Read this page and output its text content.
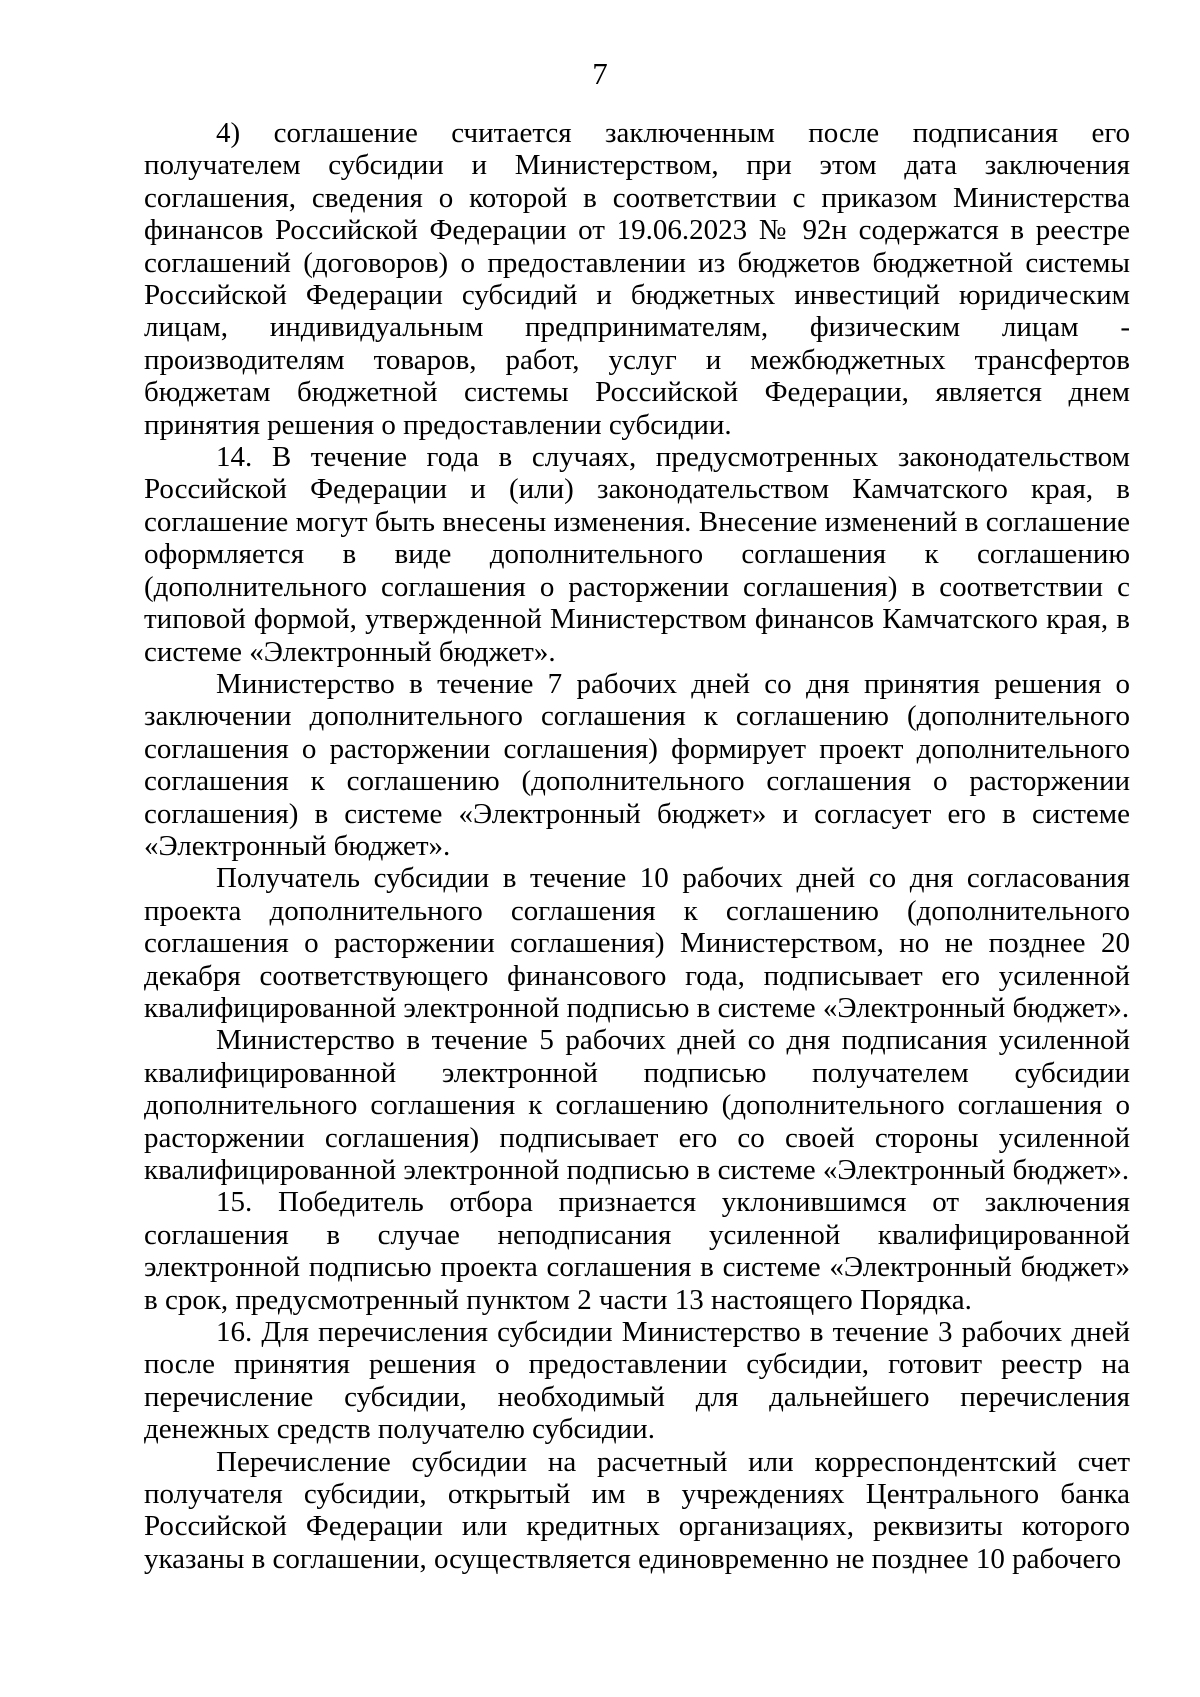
7

4) соглашение считается заключенным после подписания его получателем субсидии и Министерством, при этом дата заключения соглашения, сведения о которой в соответствии с приказом Министерства финансов Российской Федерации от 19.06.2023 № 92н содержатся в реестре соглашений (договоров) о предоставлении из бюджетов бюджетной системы Российской Федерации субсидий и бюджетных инвестиций юридическим лицам, индивидуальным предпринимателям, физическим лицам - производителям товаров, работ, услуг и межбюджетных трансфертов бюджетам бюджетной системы Российской Федерации, является днем принятия решения о предоставлении субсидии.

14. В течение года в случаях, предусмотренных законодательством Российской Федерации и (или) законодательством Камчатского края, в соглашение могут быть внесены изменения. Внесение изменений в соглашение оформляется в виде дополнительного соглашения к соглашению (дополнительного соглашения о расторжении соглашения) в соответствии с типовой формой, утвержденной Министерством финансов Камчатского края, в системе «Электронный бюджет».

Министерство в течение 7 рабочих дней со дня принятия решения о заключении дополнительного соглашения к соглашению (дополнительного соглашения о расторжении соглашения) формирует проект дополнительного соглашения к соглашению (дополнительного соглашения о расторжении соглашения) в системе «Электронный бюджет» и согласует его в системе «Электронный бюджет».

Получатель субсидии в течение 10 рабочих дней со дня согласования проекта дополнительного соглашения к соглашению (дополнительного соглашения о расторжении соглашения) Министерством, но не позднее 20 декабря соответствующего финансового года, подписывает его усиленной квалифицированной электронной подписью в системе «Электронный бюджет».

Министерство в течение 5 рабочих дней со дня подписания усиленной квалифицированной электронной подписью получателем субсидии дополнительного соглашения к соглашению (дополнительного соглашения о расторжении соглашения) подписывает его со своей стороны усиленной квалифицированной электронной подписью в системе «Электронный бюджет».

15. Победитель отбора признается уклонившимся от заключения соглашения в случае неподписания усиленной квалифицированной электронной подписью проекта соглашения в системе «Электронный бюджет» в срок, предусмотренный пунктом 2 части 13 настоящего Порядка.

16. Для перечисления субсидии Министерство в течение 3 рабочих дней после принятия решения о предоставлении субсидии, готовит реестр на перечисление субсидии, необходимый для дальнейшего перечисления денежных средств получателю субсидии.

Перечисление субсидии на расчетный или корреспондентский счет получателя субсидии, открытый им в учреждениях Центрального банка Российской Федерации или кредитных организациях, реквизиты которого указаны в соглашении, осуществляется единовременно не позднее 10 рабочего
